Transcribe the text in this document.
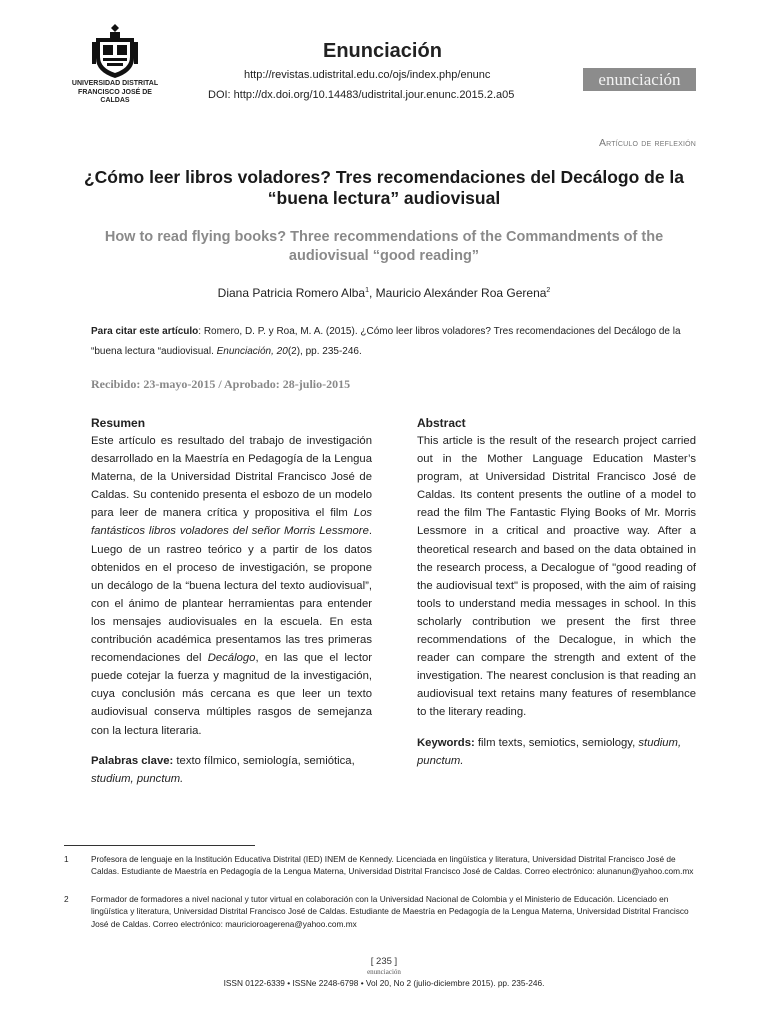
UNIVERSIDAD DISTRITAL
FRANCISCO JOSÉ DE CALDAS
Enunciación
http://revistas.udistrital.edu.co/ojs/index.php/enunc
DOI: http://dx.doi.org/10.14483/udistrital.jour.enunc.2015.2.a05
enunciación
Artículo de reflexión
¿Cómo leer libros voladores? Tres recomendaciones del Decálogo de la
“buena lectura” audiovisual
How to read flying books? Three recommendations of the Commandments of the
audiovisual “good reading”
Diana Patricia Romero Alba$^1$, Mauricio Alexánder Roa Gerena$^2$
Para citar este artículo: Romero, D. P. y Roa, M. A. (2015). ¿Cómo leer libros voladores? Tres recomendaciones del Decálogo de la “buena lectura “audiovisual. Enunciación, 20(2), pp. 235-246.
Recibido: 23-mayo-2015 / Aprobado: 28-julio-2015
Resumen

Este artículo es resultado del trabajo de investigación desarrollado en la Maestría en Pedagogía de la Lengua Materna, de la Universidad Distrital Francisco José de Caldas. Su contenido presenta el esbozo de un modelo para leer de manera crítica y propositiva el film Los fantásticos libros voladores del señor Morris Lessmore. Luego de un rastreo teórico y a partir de los datos obtenidos en el proceso de investigación, se propone un decálogo de la “buena lectura del texto audiovisual”, con el ánimo de plantear herramientas para entender los mensajes audiovisuales en la escuela. En esta contribución académica presentamos las tres primeras recomendaciones del Decálogo, en las que el lector puede cotejar la fuerza y magnitud de la investigación, cuya conclusión más cercana es que leer un texto audiovisual conserva múltiples rasgos de semejanza con la lectura literaria.

Palabras clave: texto fílmico, semiología, semiótica, studium, punctum.

Abstract

This article is the result of the research project carried out in the Mother Language Education Master’s program, at Universidad Distrital Francisco José de Caldas. Its content presents the outline of a model to read the film The Fantastic Flying Books of Mr. Morris Lessmore in a critical and proactive way. After a theoretical research and based on the data obtained in the research process, a Decalogue of "good reading of the audiovisual text" is proposed, with the aim of raising tools to understand media messages in school. In this scholarly contribution we present the first three recommendations of the Decalogue, in which the reader can compare the strength and extent of the investigation. The nearest conclusion is that reading an audiovisual text retains many features of resemblance to the literary reading.

Keywords: film texts, semiotics, semiology, studium, punctum.

1	Profesora de lenguaje en la Institución Educativa Distrital (IED) INEM de Kennedy. Licenciada en lingüística y literatura, Universidad Distrital Francisco José de Caldas. Estudiante de Maestría en Pedagogía de la Lengua Materna, Universidad Distrital Francisco José de Caldas. Correo electrónico: alunanun@yahoo.com.mx
2	Formador de formadores a nivel nacional y tutor virtual en colaboración con la Universidad Nacional de Colombia y el Ministerio de Educación. Licenciado en lingüística y literatura, Universidad Distrital Francisco José de Caldas. Estudiante de Maestría en Pedagogía de la Lengua Materna, Universidad Distrital Francisco José de Caldas. Correo electrónico: mauricioroagerena@yahoo.com.mx
[ 235 ]
enunciación
ISSN 0122-6339 • ISSNe 2248-6798 • Vol 20, No 2 (julio-diciembre 2015). pp. 235-246.
